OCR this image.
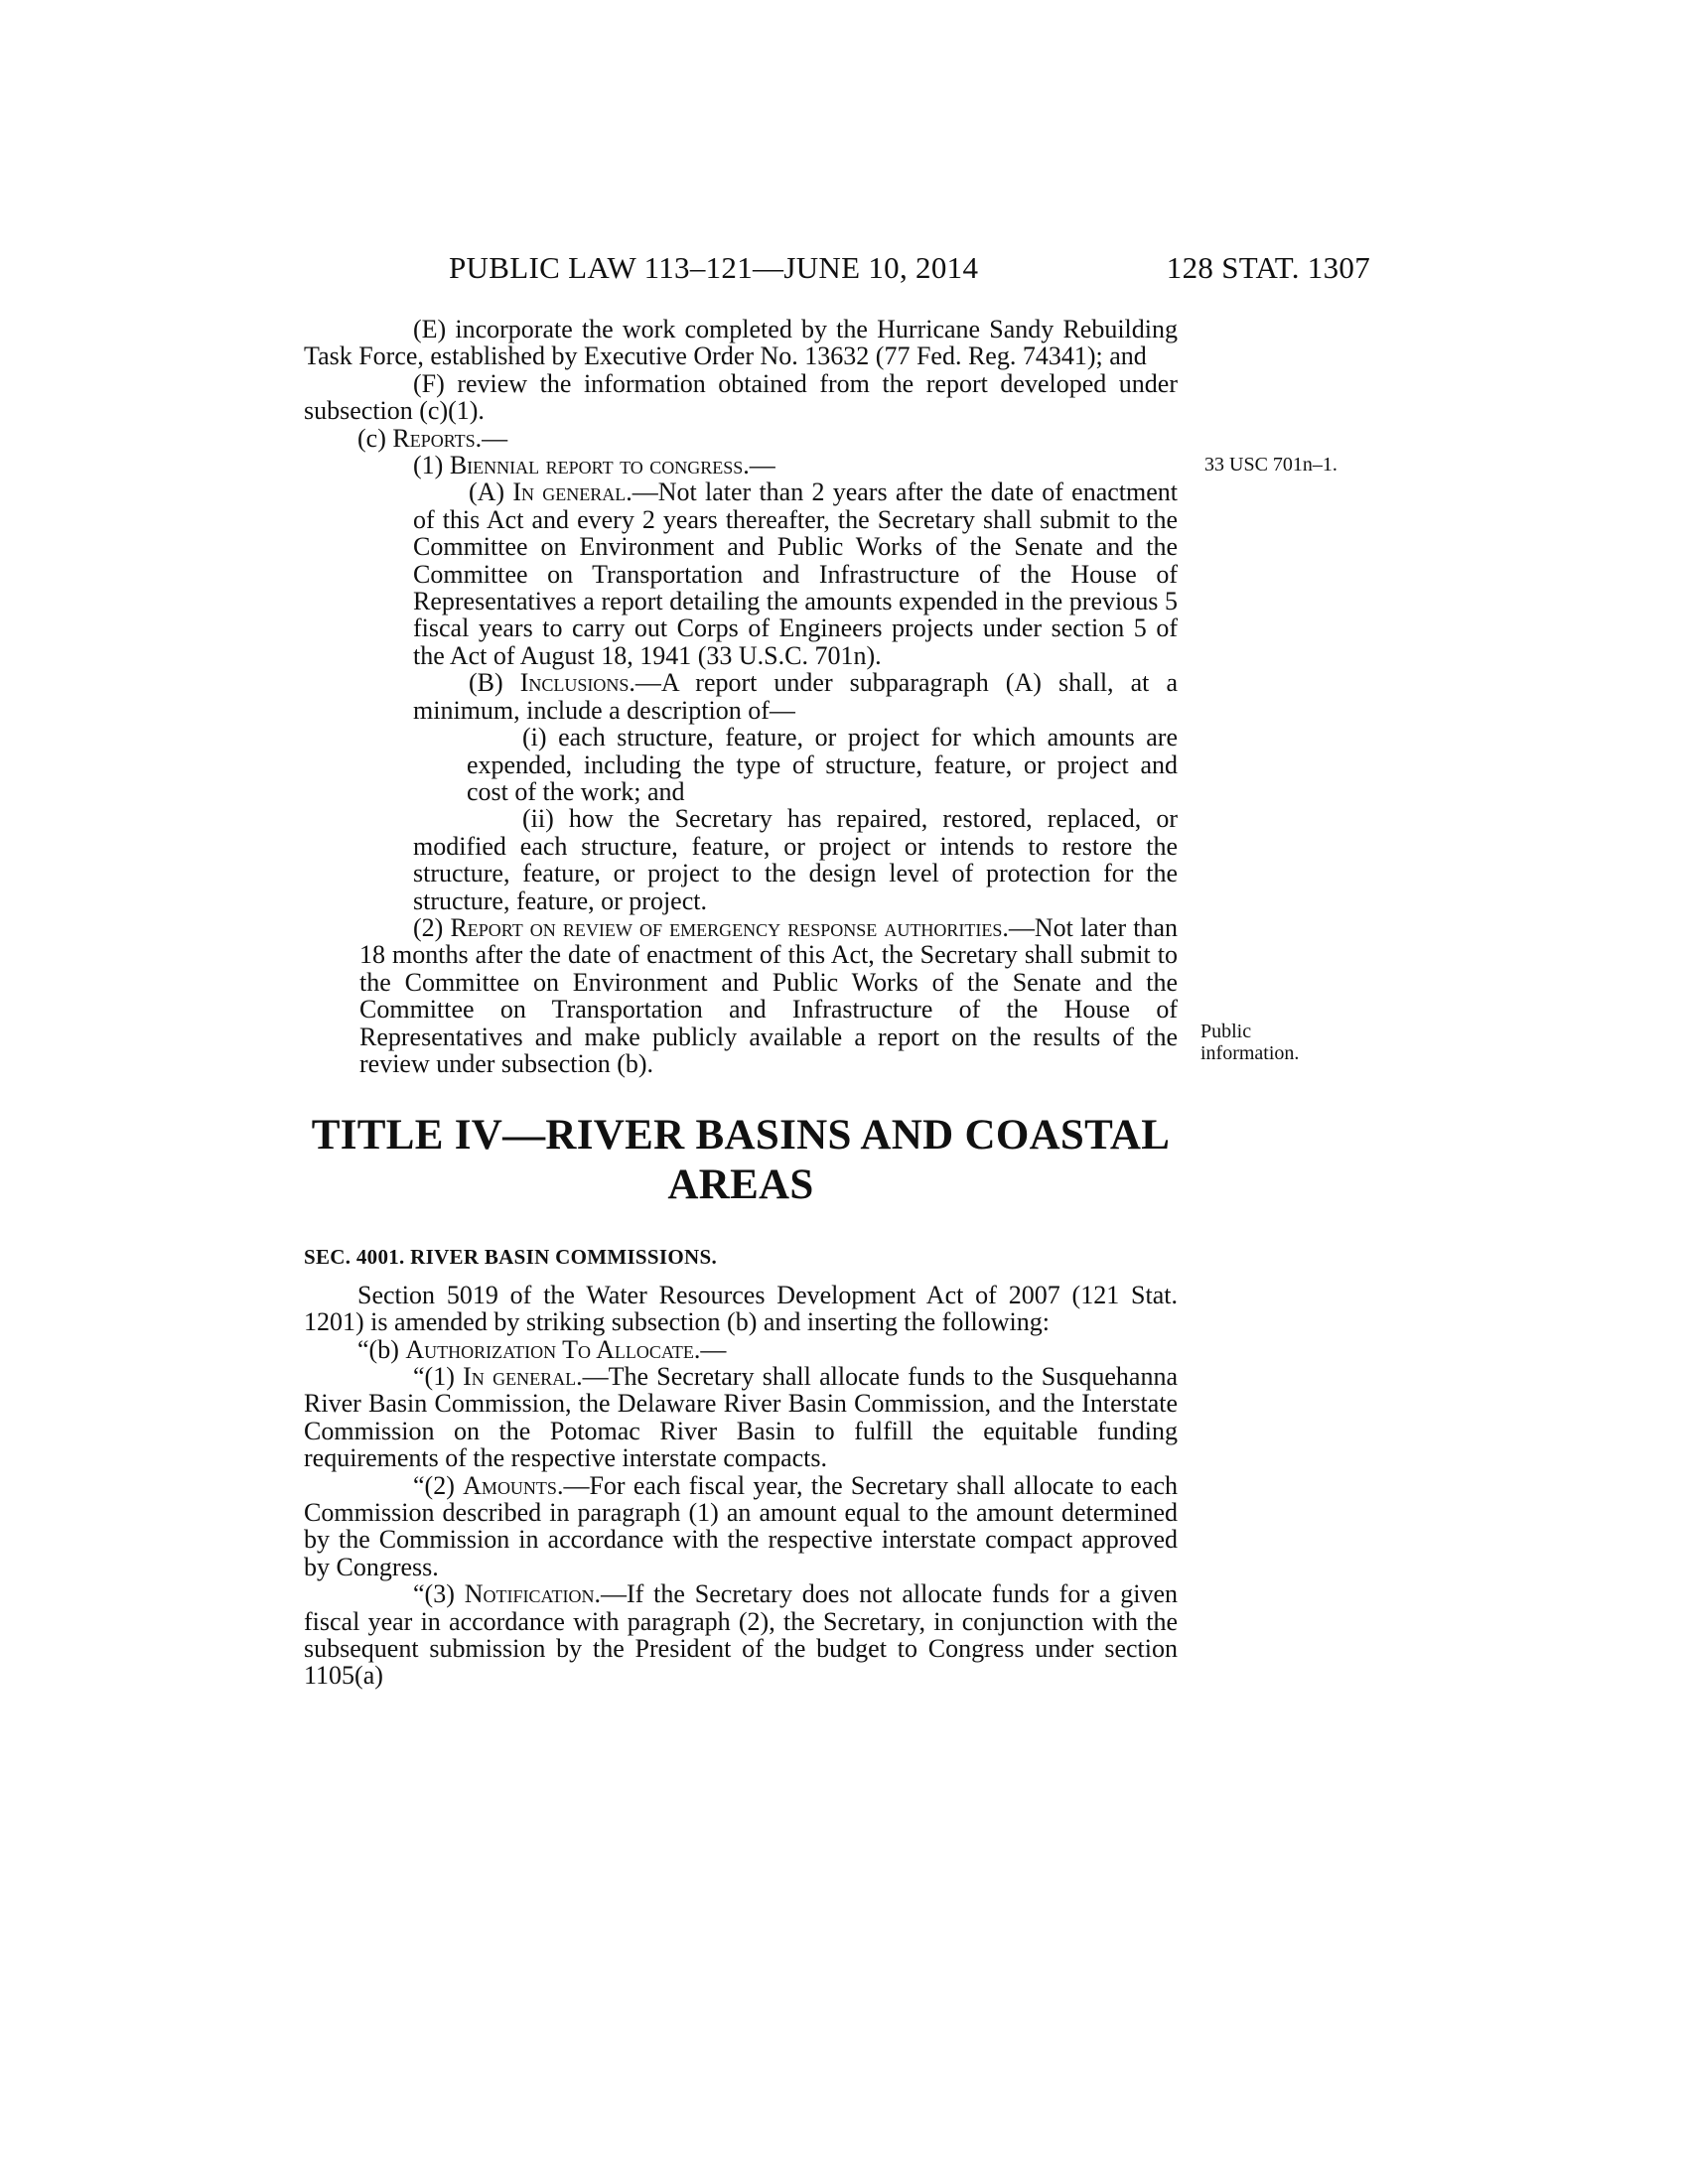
PUBLIC LAW 113–121—JUNE 10, 2014	128 STAT. 1307
33 USC 701n–1.
Public
information.

(E) incorporate the work completed by the Hurricane Sandy Rebuilding Task Force, established by Executive Order No. 13632 (77 Fed. Reg. 74341); and

(F) review the information obtained from the report developed under subsection (c)(1).

(c) Reports.—

(1) Biennial report to congress.—

(A) In general.—Not later than 2 years after the date of enactment of this Act and every 2 years thereafter, the Secretary shall submit to the Committee on Environment and Public Works of the Senate and the Committee on Transportation and Infrastructure of the House of Representatives a report detailing the amounts expended in the previous 5 fiscal years to carry out Corps of Engineers projects under section 5 of the Act of August 18, 1941 (33 U.S.C. 701n).

(B) Inclusions.—A report under subparagraph (A) shall, at a minimum, include a description of—

(i) each structure, feature, or project for which amounts are expended, including the type of structure, feature, or project and cost of the work; and

(ii) how the Secretary has repaired, restored, replaced, or modified each structure, feature, or project or intends to restore the structure, feature, or project to the design level of protection for the structure, feature, or project.

(2) Report on review of emergency response authorities.—Not later than 18 months after the date of enactment of this Act, the Secretary shall submit to the Committee on Environment and Public Works of the Senate and the Committee on Transportation and Infrastructure of the House of Representatives and make publicly available a report on the results of the review under subsection (b).

TITLE IV—RIVER BASINS AND COASTAL
AREAS
SEC. 4001. RIVER BASIN COMMISSIONS.

Section 5019 of the Water Resources Development Act of 2007 (121 Stat. 1201) is amended by striking subsection (b) and inserting the following:

“(b) Authorization To Allocate.—

“(1) In general.—The Secretary shall allocate funds to the Susquehanna River Basin Commission, the Delaware River Basin Commission, and the Interstate Commission on the Potomac River Basin to fulfill the equitable funding requirements of the respective interstate compacts.

“(2) Amounts.—For each fiscal year, the Secretary shall allocate to each Commission described in paragraph (1) an amount equal to the amount determined by the Commission in accordance with the respective interstate compact approved by Congress.

“(3) Notification.—If the Secretary does not allocate funds for a given fiscal year in accordance with paragraph (2), the Secretary, in conjunction with the subsequent submission by the President of the budget to Congress under section 1105(a)
